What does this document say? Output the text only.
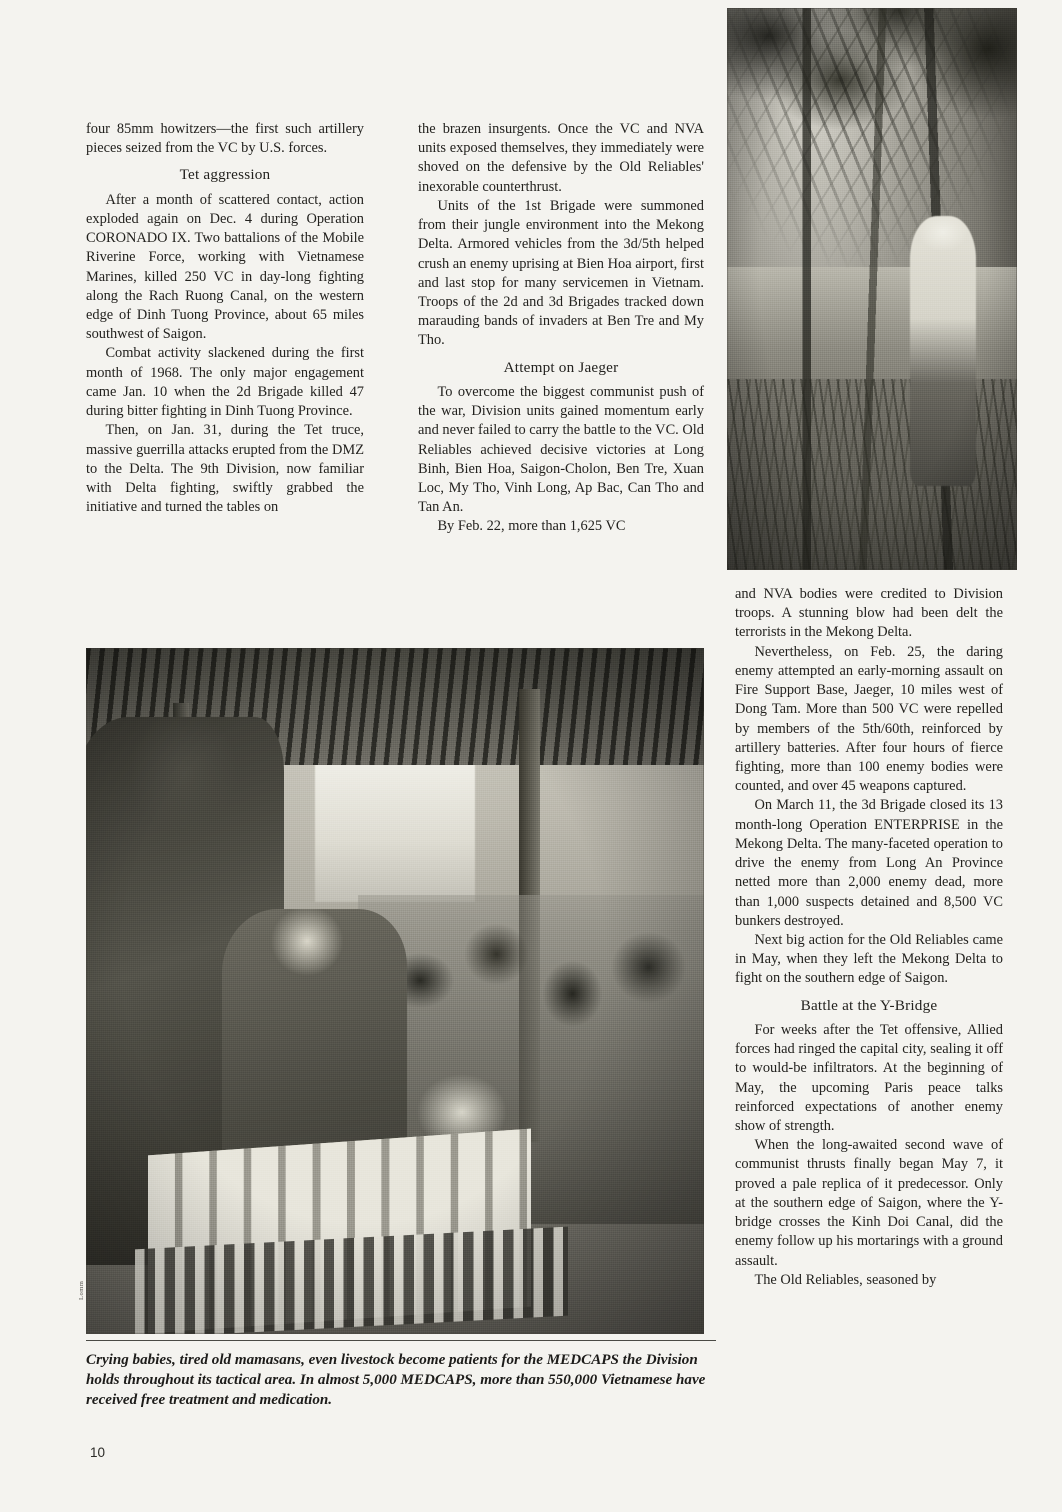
four 85mm howitzers—the first such artillery pieces seized from the VC by U.S. forces.

Tet aggression

After a month of scattered contact, action exploded again on Dec. 4 during Operation CORONADO IX. Two battalions of the Mobile Riverine Force, working with Vietnamese Marines, killed 250 VC in day-long fighting along the Rach Ruong Canal, on the western edge of Dinh Tuong Province, about 65 miles southwest of Saigon.

Combat activity slackened during the first month of 1968. The only major engagement came Jan. 10 when the 2d Brigade killed 47 during bitter fighting in Dinh Tuong Province.

Then, on Jan. 31, during the Tet truce, massive guerrilla attacks erupted from the DMZ to the Delta. The 9th Division, now familiar with Delta fighting, swiftly grabbed the initiative and turned the tables on

the brazen insurgents. Once the VC and NVA units exposed themselves, they immediately were shoved on the defensive by the Old Reliables' inexorable counterthrust.

Units of the 1st Brigade were summoned from their jungle environment into the Mekong Delta. Armored vehicles from the 3d/5th helped crush an enemy uprising at Bien Hoa airport, first and last stop for many servicemen in Vietnam. Troops of the 2d and 3d Brigades tracked down marauding bands of invaders at Ben Tre and My Tho.

Attempt on Jaeger

To overcome the biggest communist push of the war, Division units gained momentum early and never failed to carry the battle to the VC. Old Reliables achieved decisive victories at Long Binh, Bien Hoa, Saigon-Cholon, Ben Tre, Xuan Loc, My Tho, Vinh Long, Ap Bac, Can Tho and Tan An.

By Feb. 22, more than 1,625 VC

and NVA bodies were credited to Division troops. A stunning blow had been delt the terrorists in the Mekong Delta.

Nevertheless, on Feb. 25, the daring enemy attempted an early-morning assault on Fire Support Base, Jaeger, 10 miles west of Dong Tam. More than 500 VC were repelled by members of the 5th/60th, reinforced by artillery batteries. After four hours of fierce fighting, more than 100 enemy bodies were counted, and over 45 weapons captured.

On March 11, the 3d Brigade closed its 13 month-long Operation ENTERPRISE in the Mekong Delta. The many-faceted operation to drive the enemy from Long An Province netted more than 2,000 enemy dead, more than 1,000 suspects detained and 8,500 VC bunkers destroyed.

Next big action for the Old Reliables came in May, when they left the Mekong Delta to fight on the southern edge of Saigon.

Battle at the Y-Bridge

For weeks after the Tet offensive, Allied forces had ringed the capital city, sealing it off to would-be infiltrators. At the beginning of May, the upcoming Paris peace talks reinforced expectations of another enemy show of strength.

When the long-awaited second wave of communist thrusts finally began May 7, it proved a pale replica of it predecessor. Only at the southern edge of Saigon, where the Y-bridge crosses the Kinh Doi Canal, did the enemy follow up his mortarings with a ground assault.

The Old Reliables, seasoned by

Lomm
Crying babies, tired old mamasans, even livestock become patients for the MEDCAPS the Division holds throughout its tactical area. In almost 5,000 MEDCAPS, more than 550,000 Vietnamese have received free treatment and medication.
10
